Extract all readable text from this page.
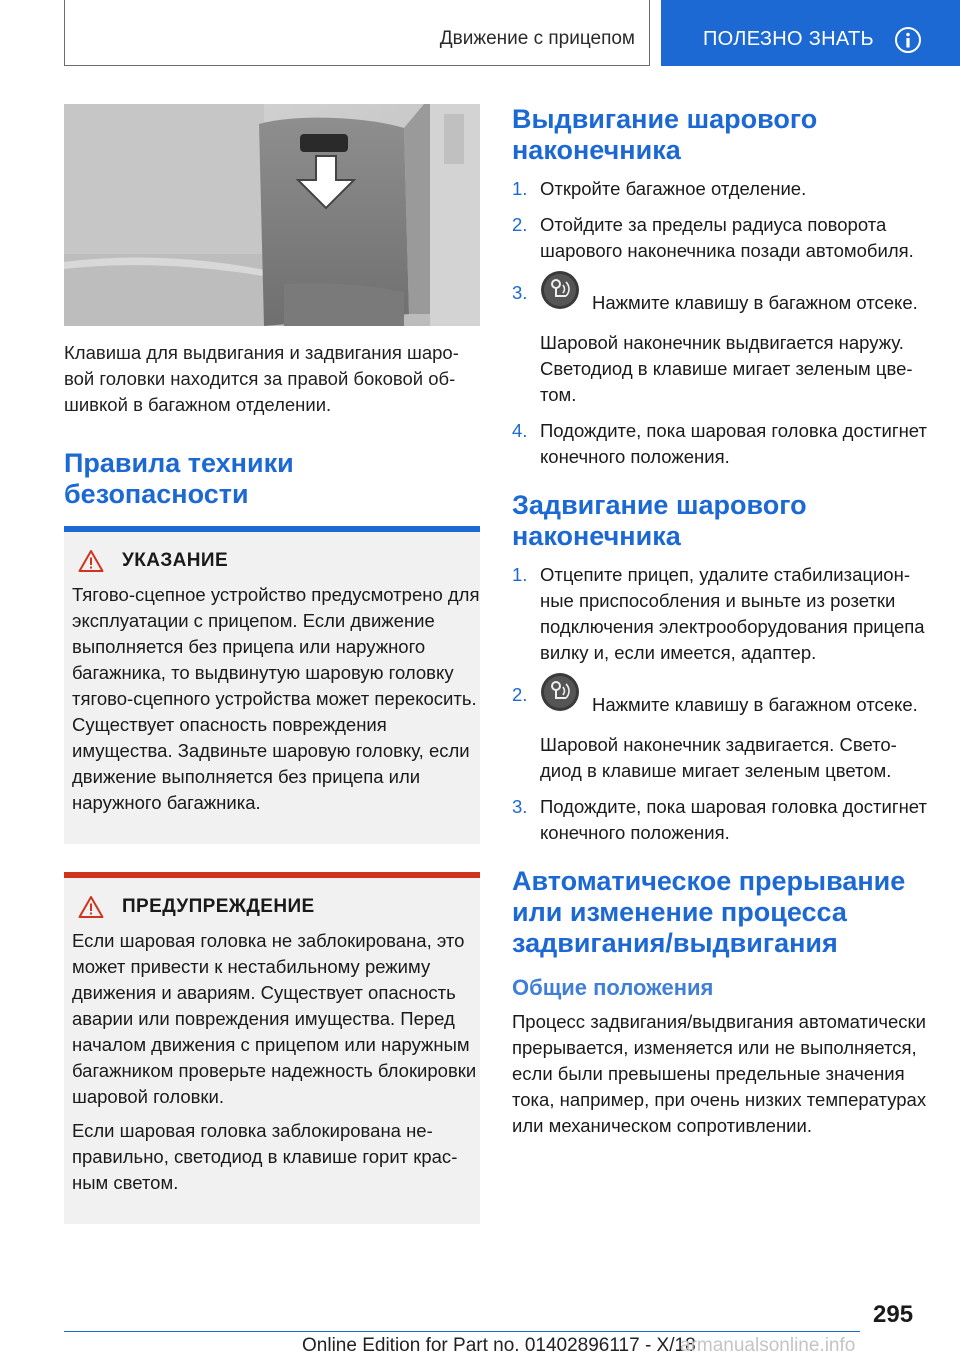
Движение с прицепом	ПОЛЕЗНО ЗНАТЬ

Клавиша для выдвигания и задвигания шаровой головки находится за правой боковой обшивкой в багажном отделении.

Правила техники безопасности
УКАЗАНИЕ

Тягово-сцепное устройство предусмотрено для эксплуатации с прицепом. Если движение выполняется без прицепа или наружного багажника, то выдвинутую шаровую головку тягово-сцепного устройства может перекосить. Существует опасность повреждения имущества. Задвиньте шаровую головку, если движение выполняется без прицепа или наружного багажника.

ПРЕДУПРЕЖДЕНИЕ

Если шаровая головка не заблокирована, это может привести к нестабильному режиму движения и авариям. Существует опасность аварии или повреждения имущества. Перед началом движения с прицепом или наружным багажником проверьте надежность блокировки шаровой головки.

Если шаровая головка заблокирована неправильно, светодиод в клавише горит красным светом.

Выдвигание шарового наконечника
1. Откройте багажное отделение.

2. Отойдите за пределы радиуса поворота шарового наконечника позади автомобиля.

3.	Нажмите клавишу в багажном отсеке.

Шаровой наконечник выдвигается наружу. Светодиод в клавише мигает зеленым цветом.

4. Подождите, пока шаровая головка достигнет конечного положения.

Задвигание шарового наконечника
1. Отцепите прицеп, удалите стабилизационные приспособления и выньте из розетки подключения электрооборудования прицепа вилку и, если имеется, адаптер.

2.	Нажмите клавишу в багажном отсеке.

Шаровой наконечник задвигается. Светодиод в клавише мигает зеленым цветом.

3. Подождите, пока шаровая головка достигнет конечного положения.

Автоматическое прерывание или изменение процесса задвигания/выдвигания
Общие положения

Процесс задвигания/выдвигания автоматически прерывается, изменяется или не выполняется, если были превышены предельные значения тока, например, при очень низких температурах или механическом сопротивлении.

295
Online Edition for Part no. 01402896117 - X/18
armanualsonline.info
